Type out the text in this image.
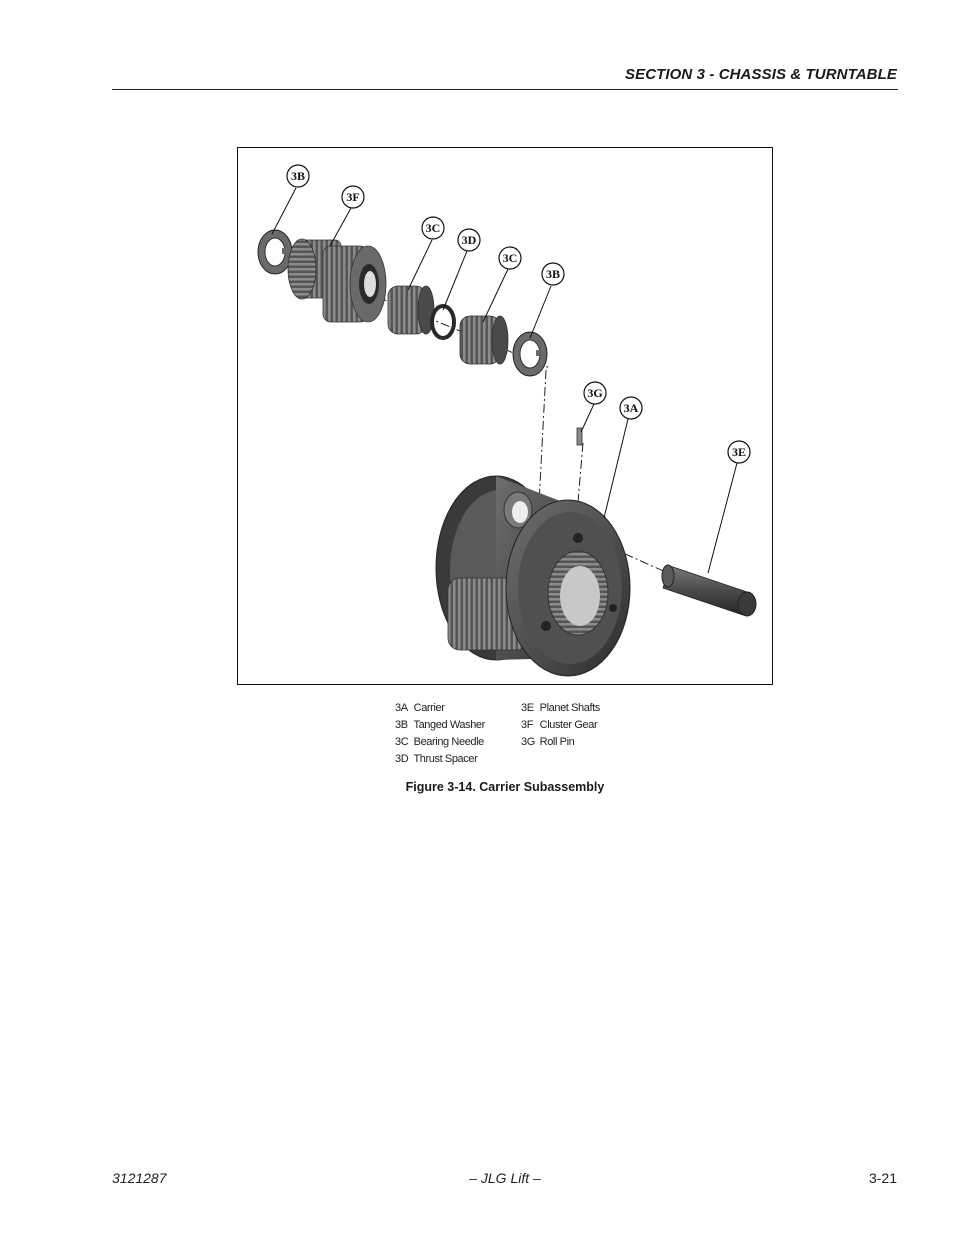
SECTION 3 - CHASSIS & TURNTABLE
3B
3F
3C
3D
3C
3B
3G
3A
3E
3A Carrier
3B Tanged Washer
3C Bearing Needle
3D Thrust Spacer
3E Planet Shafts
3F Cluster Gear
3G Roll Pin
Figure 3-14. Carrier Subassembly
3121287	– JLG Lift –	3-21
